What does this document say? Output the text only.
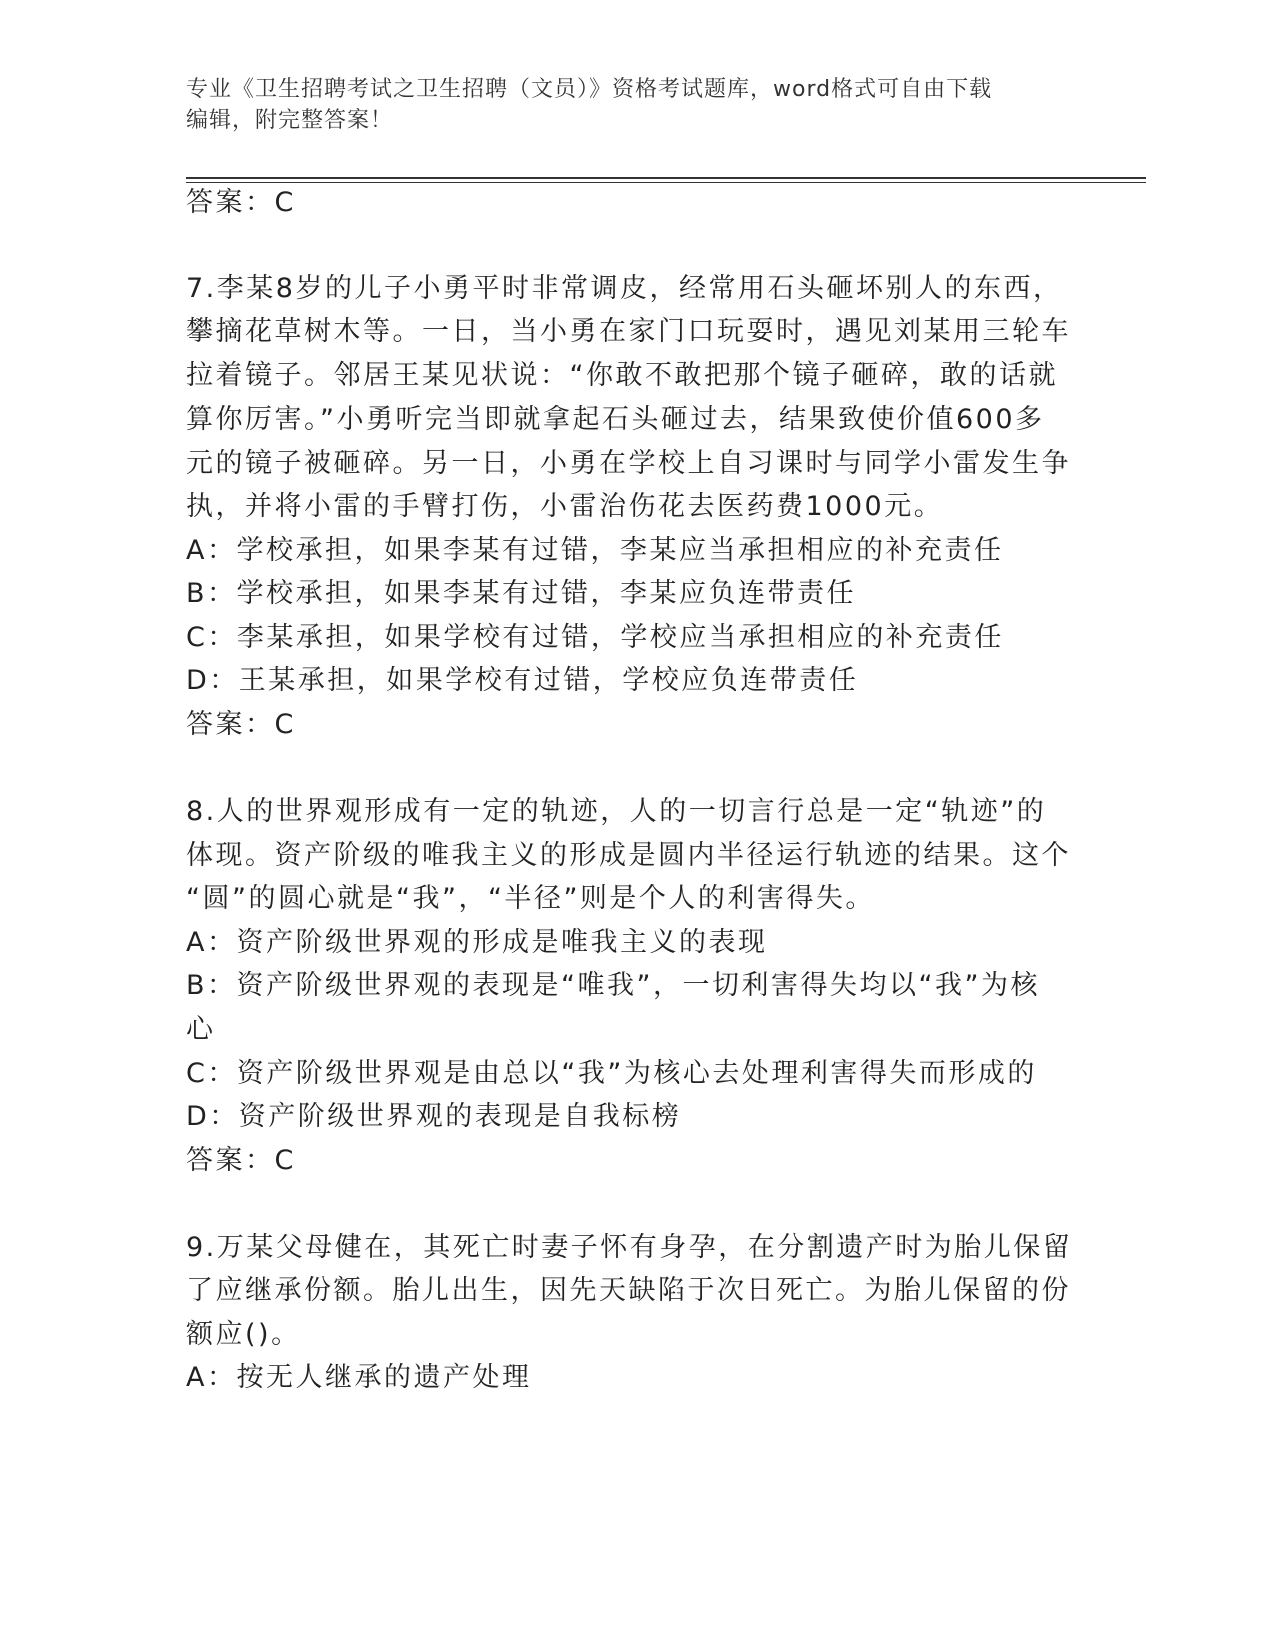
专业《卫生招聘考试之卫生招聘（文员）》资格考试题库，word格式可自由下载
编辑，附完整答案！
答案：C
7.李某8岁的儿子小勇平时非常调皮，经常用石头砸坏别人的东西，
攀摘花草树木等。一日，当小勇在家门口玩耍时，遇见刘某用三轮车
拉着镜子。邻居王某见状说：“你敢不敢把那个镜子砸碎，敢的话就
算你厉害。”小勇听完当即就拿起石头砸过去，结果致使价值600多
元的镜子被砸碎。另一日，小勇在学校上自习课时与同学小雷发生争
执，并将小雷的手臂打伤，小雷治伤花去医药费1000元。
A：学校承担，如果李某有过错，李某应当承担相应的补充责任
B：学校承担，如果李某有过错，李某应负连带责任
C：李某承担，如果学校有过错，学校应当承担相应的补充责任
D：王某承担，如果学校有过错，学校应负连带责任
答案：C
8.人的世界观形成有一定的轨迹，人的一切言行总是一定“轨迹”的
体现。资产阶级的唯我主义的形成是圆内半径运行轨迹的结果。这个
“圆”的圆心就是“我”，“半径”则是个人的利害得失。
A：资产阶级世界观的形成是唯我主义的表现
B：资产阶级世界观的表现是“唯我”，一切利害得失均以“我”为核
心
C：资产阶级世界观是由总以“我”为核心去处理利害得失而形成的
D：资产阶级世界观的表现是自我标榜
答案：C
9.万某父母健在，其死亡时妻子怀有身孕，在分割遗产时为胎儿保留
了应继承份额。胎儿出生，因先天缺陷于次日死亡。为胎儿保留的份
额应()。
A：按无人继承的遗产处理
